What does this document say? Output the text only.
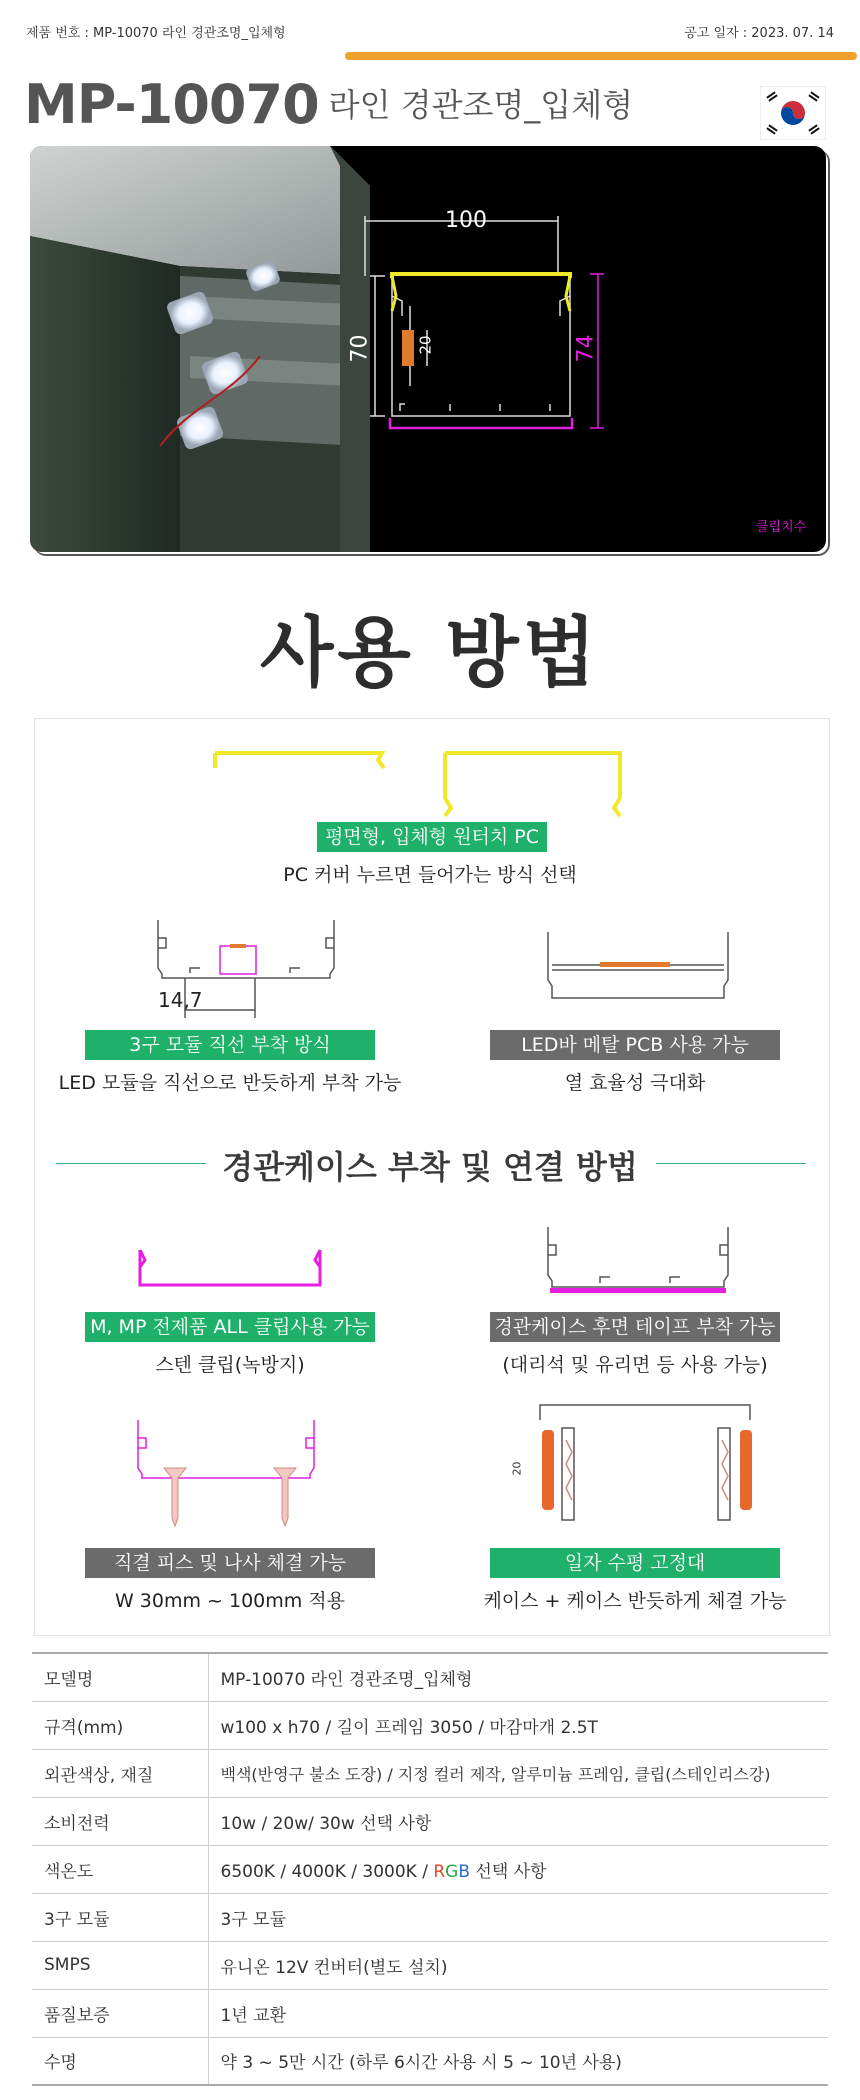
제품 번호 : MP-10070 라인 경관조명_입체형	공고 일자 : 2023. 07. 14
MP-10070 라인 경관조명_입체형
100
70	20	74
클립치수
사용 방법
평면형, 입체형 원터치 PC
PC 커버 누르면 들어가는 방식 선택
14,7
3구 모듈 직선 부착 방식
LED 모듈을 직선으로 반듯하게 부착 가능
LED바 메탈 PCB 사용 가능
열 효율성 극대화
경관케이스 부착 및 연결 방법
M, MP 전제품 ALL 클립사용 가능
스텐 클립(녹방지)
경관케이스 후면 테이프 부착 가능
(대리석 및 유리면 등 사용 가능)
직결 피스 및 나사 체결 가능
W 30mm ~ 100mm 적용
20
일자 수평 고정대
케이스 + 케이스 반듯하게 체결 가능
모델명	MP-10070 라인 경관조명_입체형
규격(mm)	w100 x h70 / 길이 프레임 3050 / 마감마개 2.5T
외관색상, 재질	백색(반영구 불소 도장) / 지정 컬러 제작, 알루미늄 프레임, 클립(스테인리스강)
소비전력	10w / 20w/ 30w 선택 사항
색온도	6500K / 4000K / 3000K / RGB 선택 사항
3구 모듈	3구 모듈
SMPS	유니온 12V 컨버터(별도 설치)
품질보증	1년 교환
수명	약 3 ~ 5만 시간 (하루 6시간 사용 시 5 ~ 10년 사용)
